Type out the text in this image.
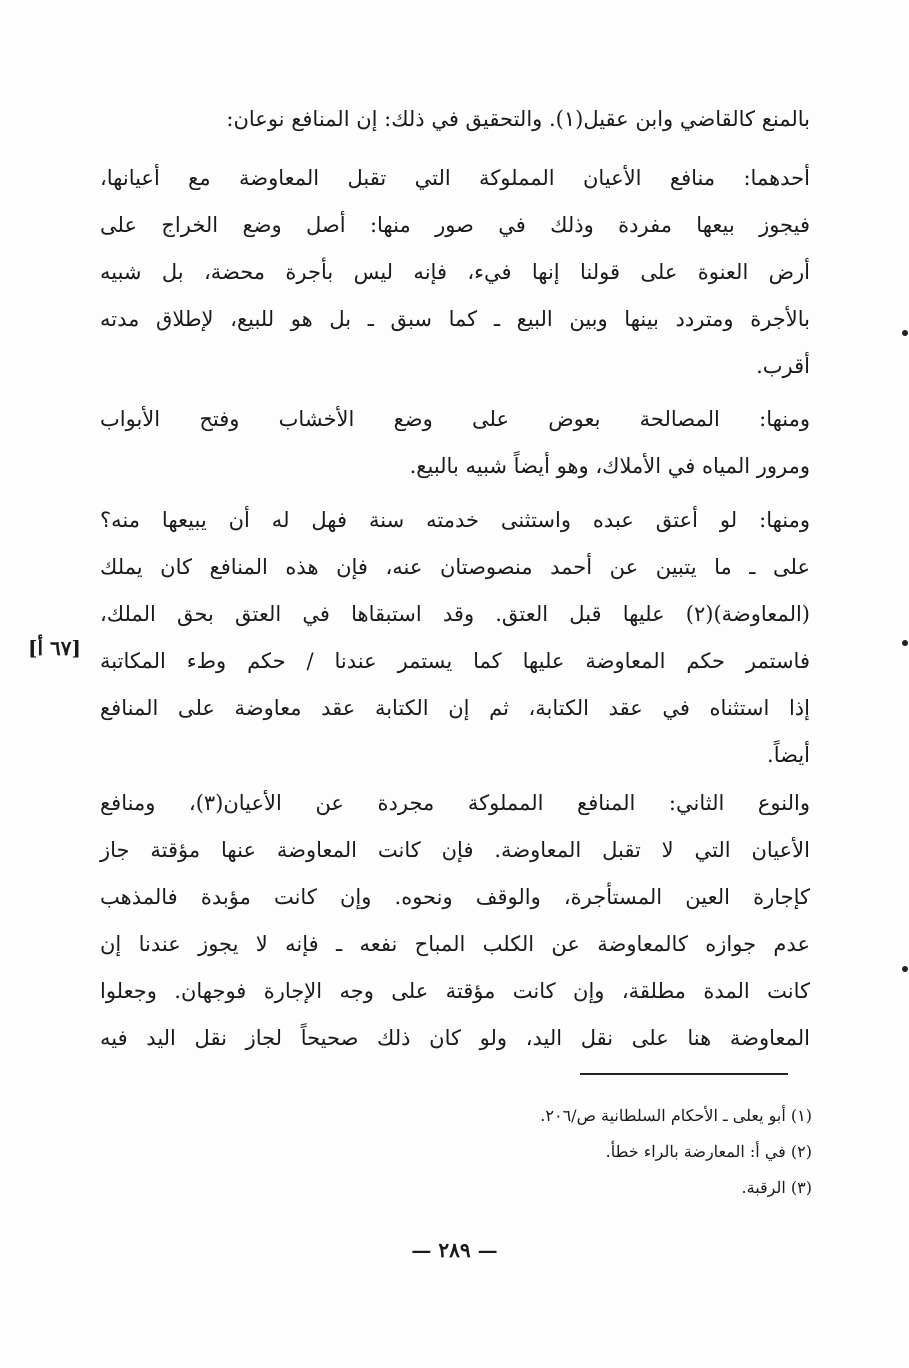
بالمنع كالقاضي وابن عقيل(١). والتحقيق في ذلك: إن المنافع نوعان:
أحدهما: منافع الأعيان المملوكة التي تقبل المعاوضة مع أعيانها،
فيجوز بيعها مفردة وذلك في صور منها: أصل وضع الخراج على
أرض العنوة على قولنا إنها فيء، فإنه ليس بأجرة محضة، بل شبيه
بالأجرة ومتردد بينها وبين البيع ـ كما سبق ـ بل هو للبيع، لإطلاق مدته
أقرب.
ومنها: المصالحة بعوض على وضع الأخشاب وفتح الأبواب
ومرور المياه في الأملاك، وهو أيضاً شبيه بالبيع.
ومنها: لو أعتق عبده واستثنى خدمته سنة فهل له أن يبيعها منه؟
على ـ ما يتبين عن أحمد منصوصتان عنه، فإن هذه المنافع كان يملك
(المعاوضة)(٢) عليها قبل العتق. وقد استبقاها في العتق بحق الملك،
فاستمر حكم المعاوضة عليها كما يستمر عندنا / حكم وطء المكاتبة
إذا استثناه في عقد الكتابة، ثم إن الكتابة عقد معاوضة على المنافع
أيضاً.
والنوع الثاني: المنافع المملوكة مجردة عن الأعيان(٣)، ومنافع
الأعيان التي لا تقبل المعاوضة. فإن كانت المعاوضة عنها مؤقتة جاز
كإجارة العين المستأجرة، والوقف ونحوه. وإن كانت مؤبدة فالمذهب
عدم جوازه كالمعاوضة عن الكلب المباح نفعه ـ فإنه لا يجوز عندنا إن
كانت المدة مطلقة، وإن كانت مؤقتة على وجه الإجارة فوجهان. وجعلوا
المعاوضة هنا على نقل اليد، ولو كان ذلك صحيحاً لجاز نقل اليد فيه
[٦٧ أ]
(١) أبو يعلى ـ الأحكام السلطانية ص/٢٠٦.
(٢) في أ: المعارضة بالراء خطأ.
(٣) الرقبة.
— ٢٨٩ —
